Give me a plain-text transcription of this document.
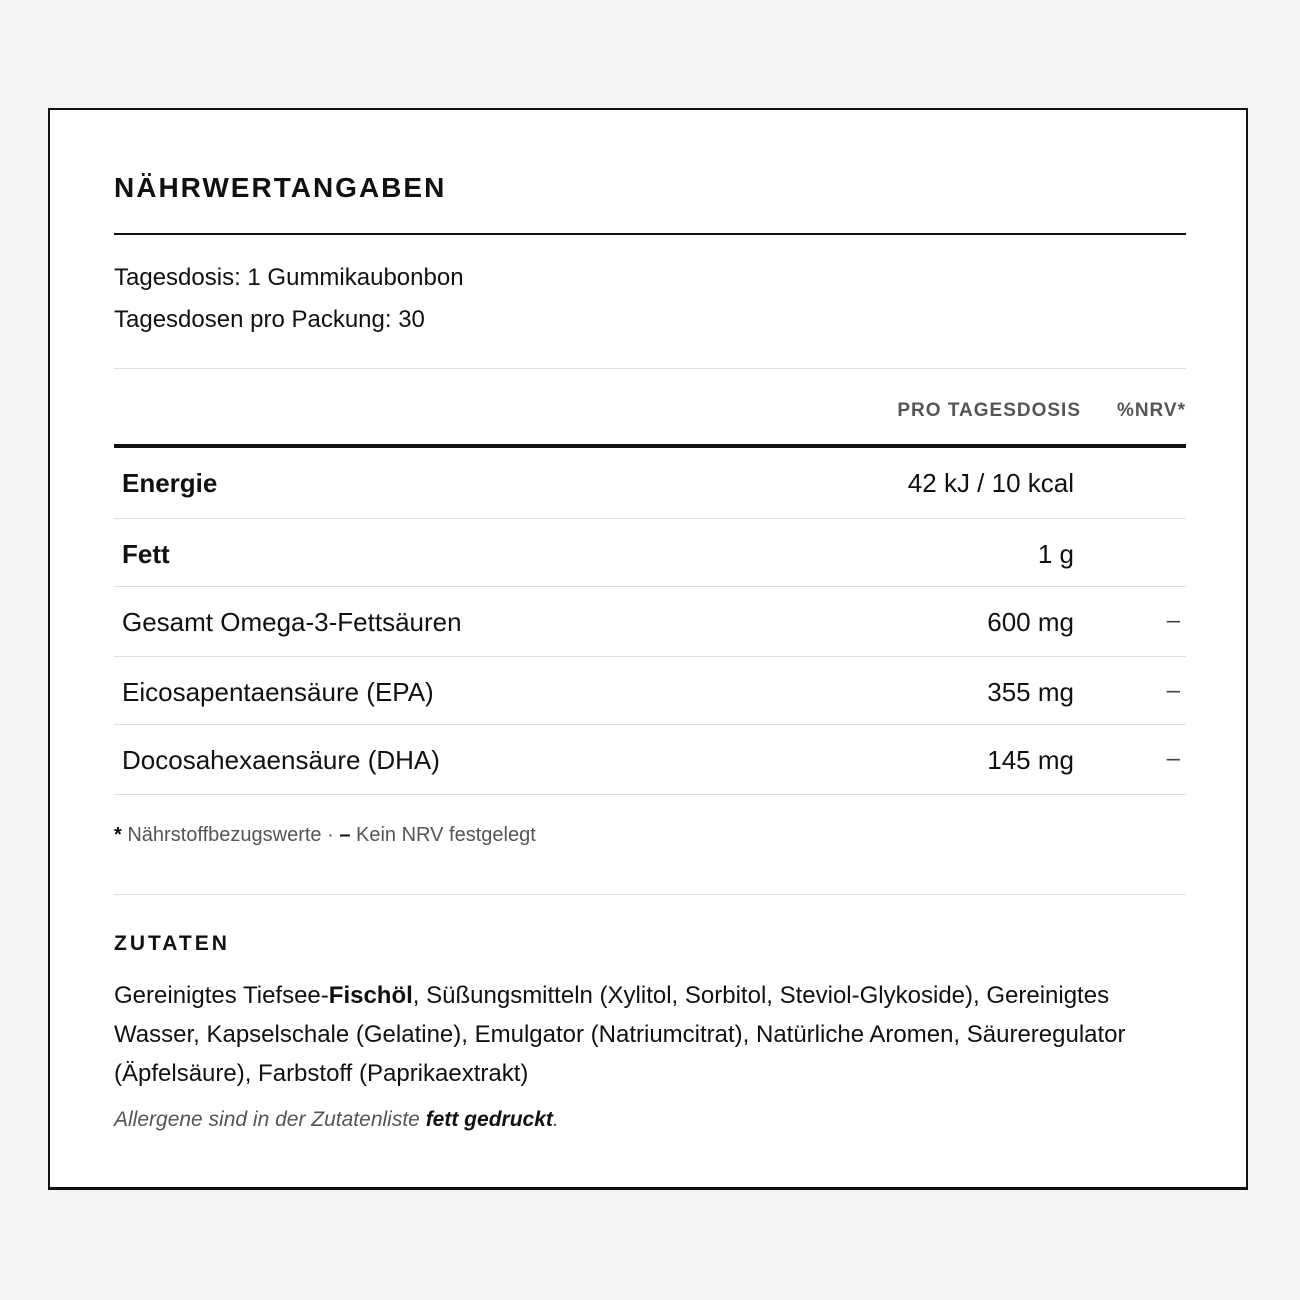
NÄHRWERTANGABEN
Tagesdosis: 1 Gummikaubonbon
Tagesdosen pro Packung: 30
PRO TAGESDOSIS %NRV*
Energie	42 kJ / 10 kcal
Fett	1 g
Gesamt Omega-3-Fettsäuren	600 mg	–
Eicosapentaensäure (EPA)	355 mg	–
Docosahexaensäure (DHA)	145 mg	–
* Nährstoffbezugswerte · – Kein NRV festgelegt
ZUTATEN
Gereinigtes Tiefsee-Fischöl, Süßungsmitteln (Xylitol, Sorbitol, Steviol-Glykoside), Gereinigtes Wasser, Kapselschale (Gelatine), Emulgator (Natriumcitrat), Natürliche Aromen, Säureregulator (Äpfelsäure), Farbstoff (Paprikaextrakt)
Allergene sind in der Zutatenliste fett gedruckt.
